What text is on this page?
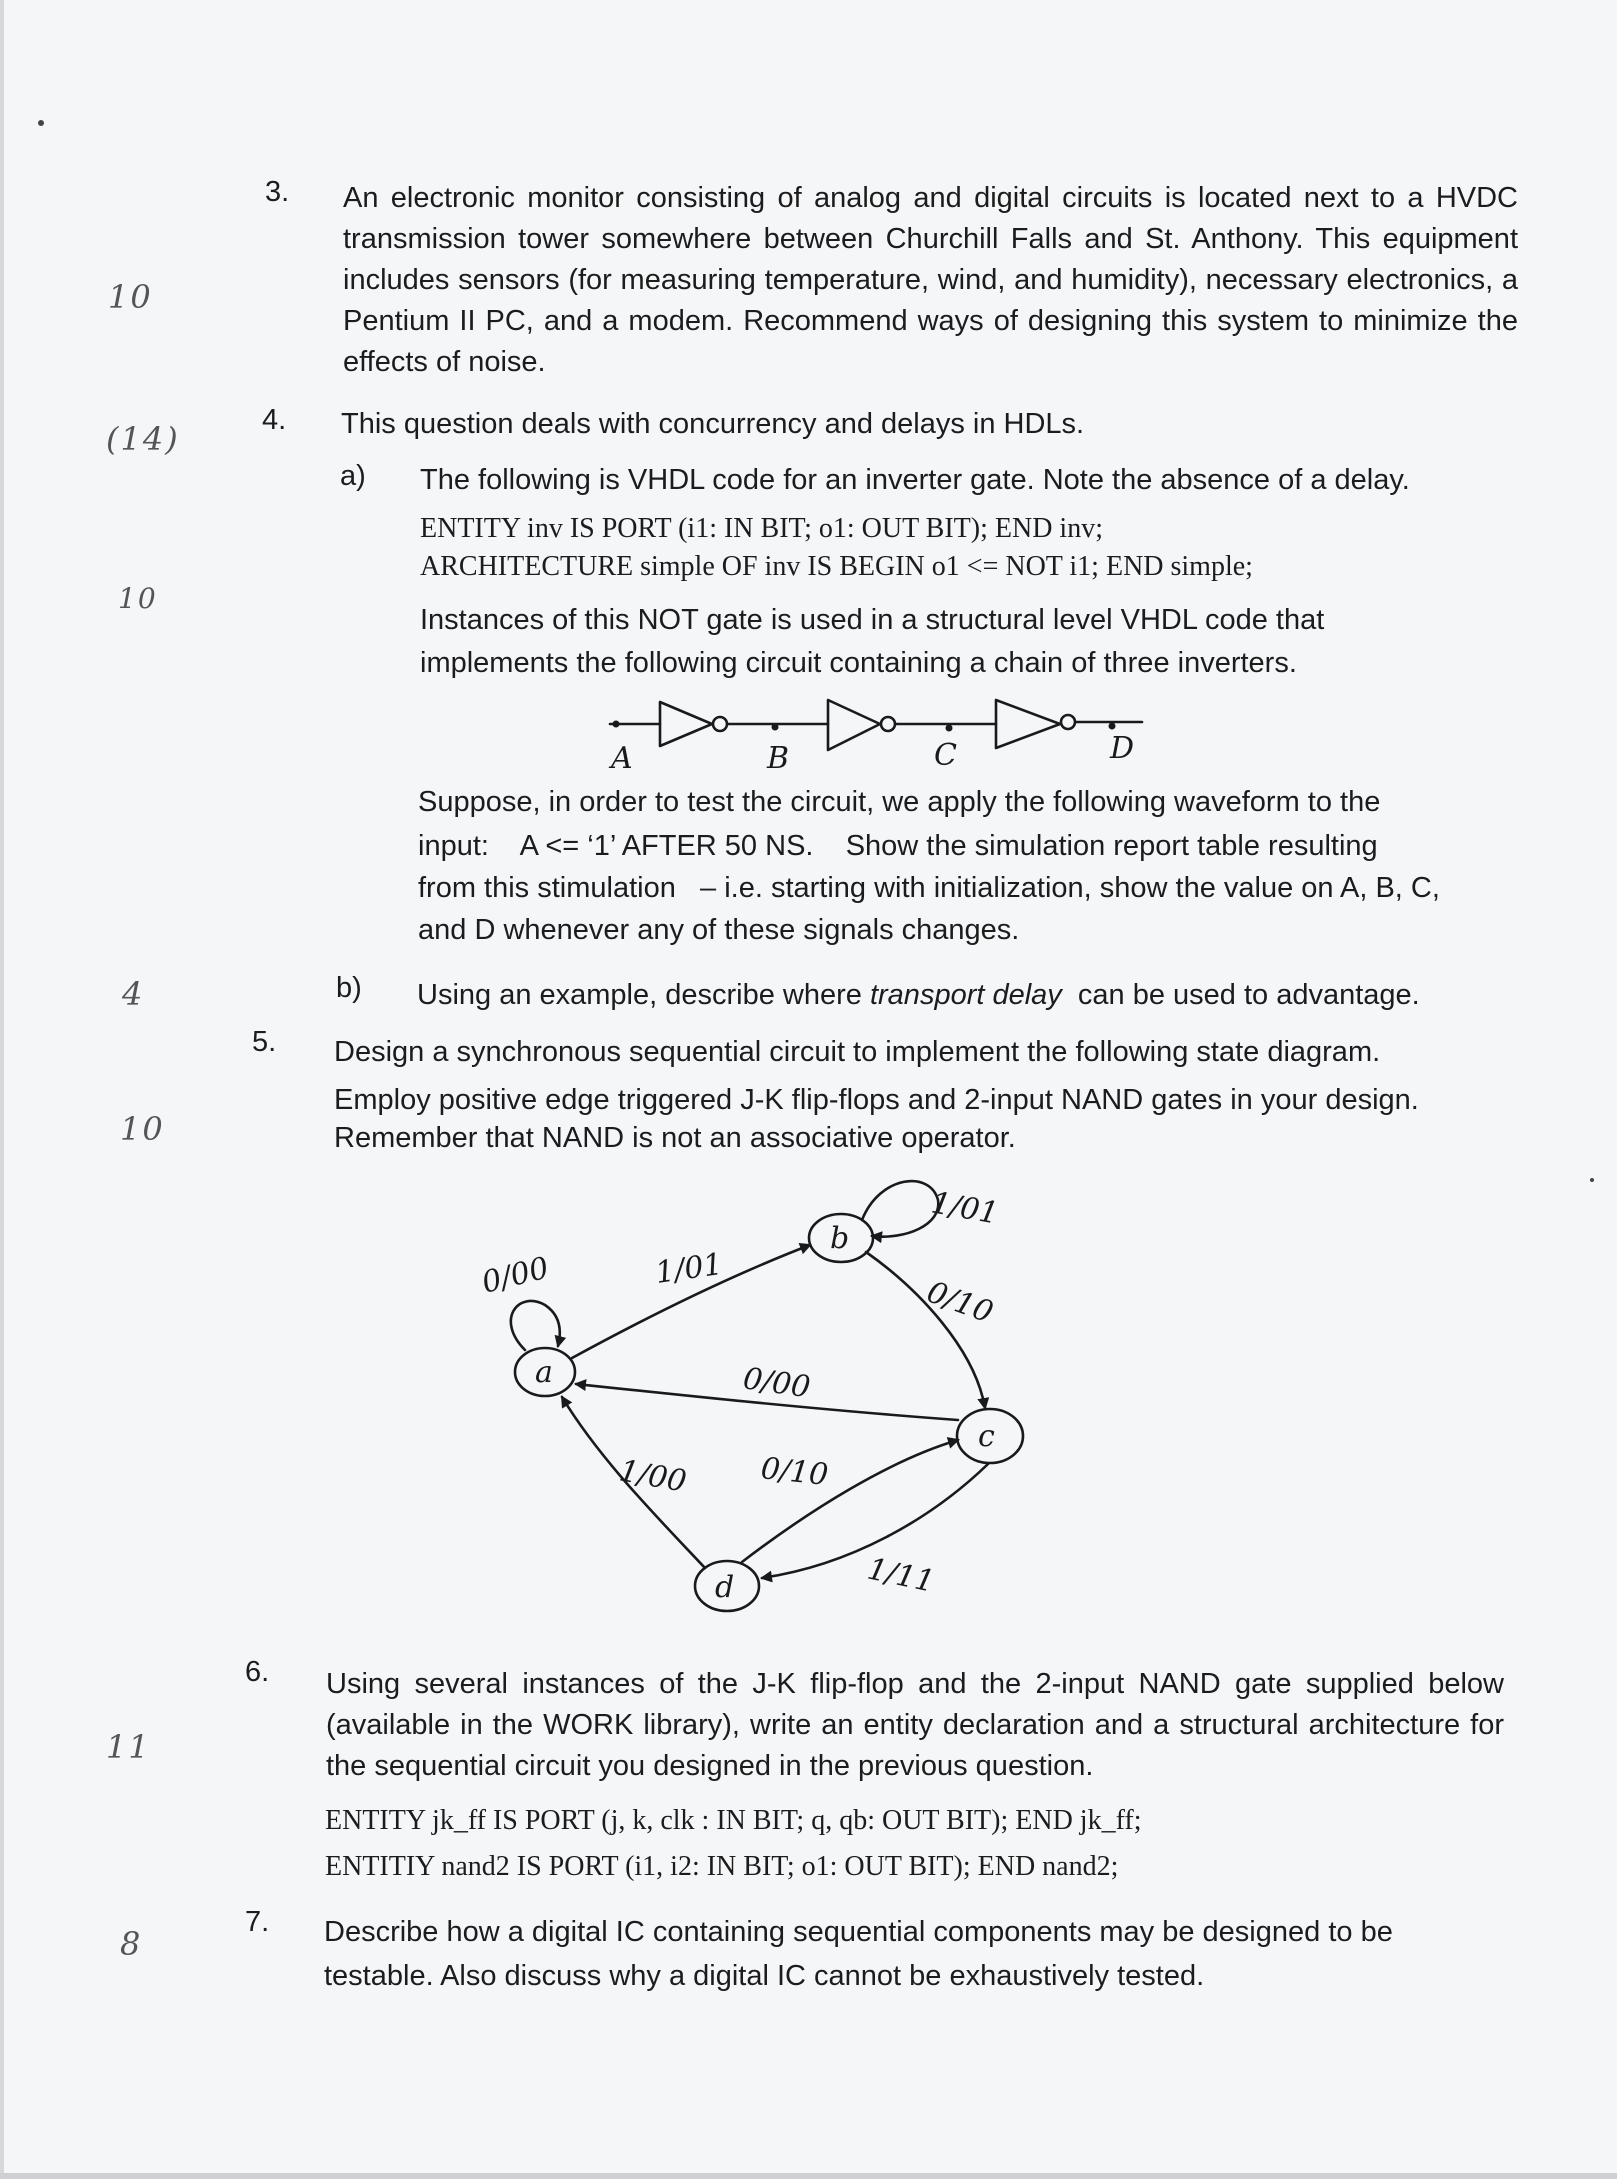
10
(14)
10
4
10
11
8
3. An electronic monitor consisting of analog and digital circuits is located next to a HVDC transmission tower somewhere between Churchill Falls and St. Anthony. This equipment includes sensors (for measuring temperature, wind, and humidity), necessary electronics, a Pentium II PC, and a modem. Recommend ways of designing this system to minimize the effects of noise.
4. This question deals with concurrency and delays in HDLs.
a) The following is VHDL code for an inverter gate. Note the absence of a delay.
ENTITY inv IS PORT (i1: IN BIT; o1: OUT BIT); END inv;
ARCHITECTURE simple OF inv IS BEGIN o1 <= NOT i1; END simple;
Instances of this NOT gate is used in a structural level VHDL code that
implements the following circuit containing a chain of three inverters.
A	B	C	D
Suppose, in order to test the circuit, we apply the following waveform to the
input:    A <= ‘1’ AFTER 50 NS.    Show the simulation report table resulting
from this stimulation   – i.e. starting with initialization, show the value on A, B, C,
and D whenever any of these signals changes.
b) Using an example, describe where transport delay  can be used to advantage.
5. Design a synchronous sequential circuit to implement the following state diagram.
Employ positive edge triggered J-K flip-flops and 2-input NAND gates in your design.
Remember that NAND is not an associative operator.
a
b
c
d
0/00	1/01
1/01
0/10
0/00
1/11
1/00 0/10
6. Using several instances of the J-K flip-flop and the 2-input NAND gate supplied below (available in the WORK library), write an entity declaration and a structural architecture for the sequential circuit you designed in the previous question.
ENTITY jk_ff IS PORT (j, k, clk : IN BIT; q, qb: OUT BIT); END jk_ff;
ENTITIY nand2 IS PORT (i1, i2: IN BIT; o1: OUT BIT); END nand2;
7. Describe how a digital IC containing sequential components may be designed to be
testable. Also discuss why a digital IC cannot be exhaustively tested.
